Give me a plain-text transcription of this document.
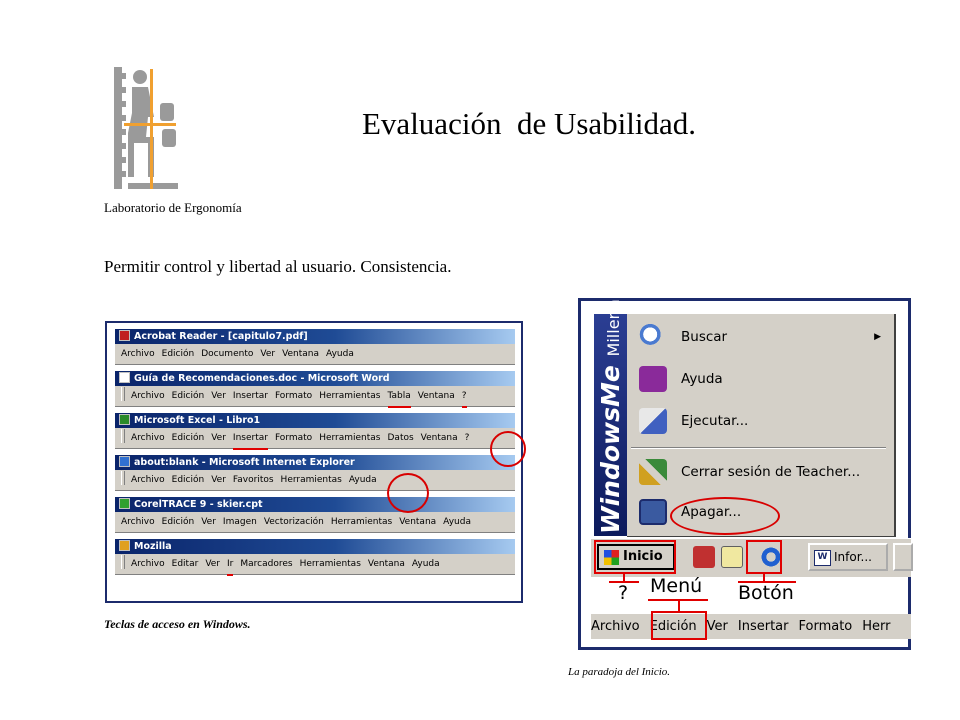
Laboratorio de Ergonomía
Evaluación  de Usabilidad.
Permitir control y libertad al usuario. Consistencia.
Acrobat Reader - [capitulo7.pdf]
Archivo Edición Documento Ver Ventana Ayuda
Guía de Recomendaciones.doc - Microsoft Word
Archivo Edición Ver Insertar Formato Herramientas Tabla Ventana ?
Microsoft Excel - Libro1
Archivo Edición Ver Insertar Formato Herramientas Datos Ventana ?
about:blank - Microsoft Internet Explorer
Archivo Edición Ver Favoritos Herramientas Ayuda
CorelTRACE 9 - skier.cpt
Archivo Edición Ver Imagen Vectorización Herramientas Ventana Ayuda
Mozilla
Archivo Editar Ver Ir Marcadores Herramientas Ventana Ayuda
Teclas de acceso en Windows.
WindowsMe Millennium	Buscar	▶
Ayuda
Ejecutar...
Cerrar sesión de Teacher...
Apagar...
Inicio	W Infor...
? Menú Botón
Archivo Edición Ver Insertar Formato Herr
La paradoja del Inicio.
